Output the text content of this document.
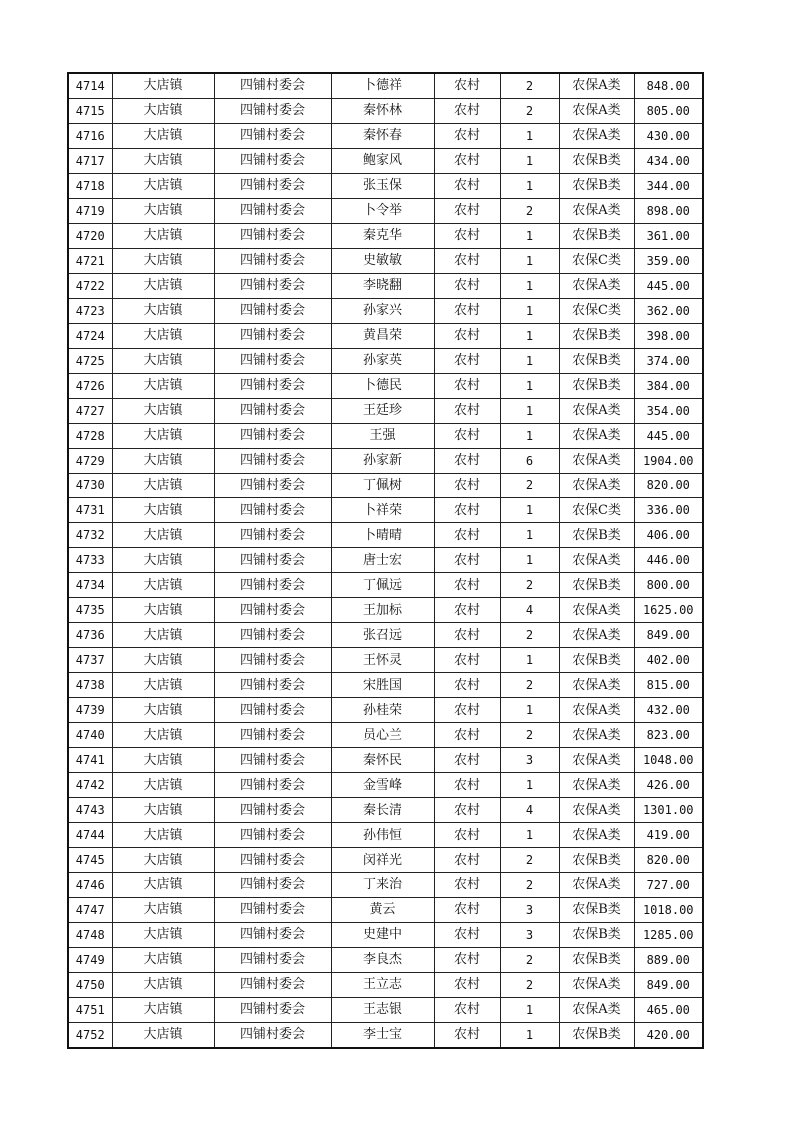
4714	大店镇	四铺村委会	卜德祥	农村	2	农保A类	848.00
4715	大店镇	四铺村委会	秦怀林	农村	2	农保A类	805.00
4716	大店镇	四铺村委会	秦怀春	农村	1	农保A类	430.00
4717	大店镇	四铺村委会	鲍家风	农村	1	农保B类	434.00
4718	大店镇	四铺村委会	张玉保	农村	1	农保B类	344.00
4719	大店镇	四铺村委会	卜令举	农村	2	农保A类	898.00
4720	大店镇	四铺村委会	秦克华	农村	1	农保B类	361.00
4721	大店镇	四铺村委会	史敏敏	农村	1	农保C类	359.00
4722	大店镇	四铺村委会	李晓翻	农村	1	农保A类	445.00
4723	大店镇	四铺村委会	孙家兴	农村	1	农保C类	362.00
4724	大店镇	四铺村委会	黄昌荣	农村	1	农保B类	398.00
4725	大店镇	四铺村委会	孙家英	农村	1	农保B类	374.00
4726	大店镇	四铺村委会	卜德民	农村	1	农保B类	384.00
4727	大店镇	四铺村委会	王廷珍	农村	1	农保A类	354.00
4728	大店镇	四铺村委会	王强	农村	1	农保A类	445.00
4729	大店镇	四铺村委会	孙家新	农村	6	农保A类	1904.00
4730	大店镇	四铺村委会	丁佩树	农村	2	农保A类	820.00
4731	大店镇	四铺村委会	卜祥荣	农村	1	农保C类	336.00
4732	大店镇	四铺村委会	卜晴晴	农村	1	农保B类	406.00
4733	大店镇	四铺村委会	唐士宏	农村	1	农保A类	446.00
4734	大店镇	四铺村委会	丁佩远	农村	2	农保B类	800.00
4735	大店镇	四铺村委会	王加标	农村	4	农保A类	1625.00
4736	大店镇	四铺村委会	张召远	农村	2	农保A类	849.00
4737	大店镇	四铺村委会	王怀灵	农村	1	农保B类	402.00
4738	大店镇	四铺村委会	宋胜国	农村	2	农保A类	815.00
4739	大店镇	四铺村委会	孙桂荣	农村	1	农保A类	432.00
4740	大店镇	四铺村委会	员心兰	农村	2	农保A类	823.00
4741	大店镇	四铺村委会	秦怀民	农村	3	农保A类	1048.00
4742	大店镇	四铺村委会	金雪峰	农村	1	农保A类	426.00
4743	大店镇	四铺村委会	秦长清	农村	4	农保A类	1301.00
4744	大店镇	四铺村委会	孙伟恒	农村	1	农保A类	419.00
4745	大店镇	四铺村委会	闵祥光	农村	2	农保B类	820.00
4746	大店镇	四铺村委会	丁来治	农村	2	农保A类	727.00
4747	大店镇	四铺村委会	黄云	农村	3	农保B类	1018.00
4748	大店镇	四铺村委会	史建中	农村	3	农保B类	1285.00
4749	大店镇	四铺村委会	李良杰	农村	2	农保B类	889.00
4750	大店镇	四铺村委会	王立志	农村	2	农保A类	849.00
4751	大店镇	四铺村委会	王志银	农村	1	农保A类	465.00
4752	大店镇	四铺村委会	李士宝	农村	1	农保B类	420.00
